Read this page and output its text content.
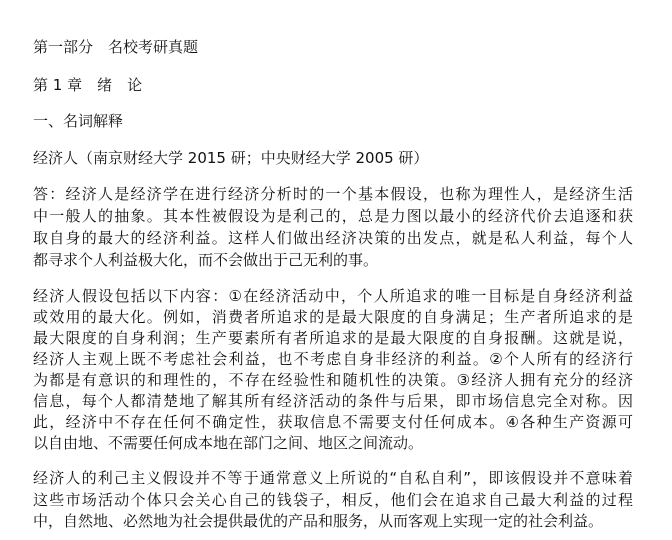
第一部分　名校考研真题

第 1 章　绪　论

一、名词解释

经济人（南京财经大学 2015 研；中央财经大学 2005 研）

答：经济人是经济学在进行经济分析时的一个基本假设，也称为理性人，是经济生活

中一般人的抽象。其本性被假设为是利己的，总是力图以最小的经济代价去追逐和获

取自身的最大的经济利益。这样人们做出经济决策的出发点，就是私人利益，每个人

都寻求个人利益极大化，而不会做出于己无利的事。

经济人假设包括以下内容：①在经济活动中，个人所追求的唯一目标是自身经济利益

或效用的最大化。例如，消费者所追求的是最大限度的自身满足；生产者所追求的是

最大限度的自身利润；生产要素所有者所追求的是最大限度的自身报酬。这就是说，

经济人主观上既不考虑社会利益，也不考虑自身非经济的利益。②个人所有的经济行

为都是有意识的和理性的，不存在经验性和随机性的决策。③经济人拥有充分的经济

信息，每个人都清楚地了解其所有经济活动的条件与后果，即市场信息完全对称。因

此，经济中不存在任何不确定性，获取信息不需要支付任何成本。④各种生产资源可

以自由地、不需要任何成本地在部门之间、地区之间流动。

经济人的利己主义假设并不等于通常意义上所说的“自私自利”，即该假设并不意味着

这些市场活动个体只会关心自己的钱袋子，相反，他们会在追求自己最大利益的过程

中，自然地、必然地为社会提供最优的产品和服务，从而客观上实现一定的社会利益。
